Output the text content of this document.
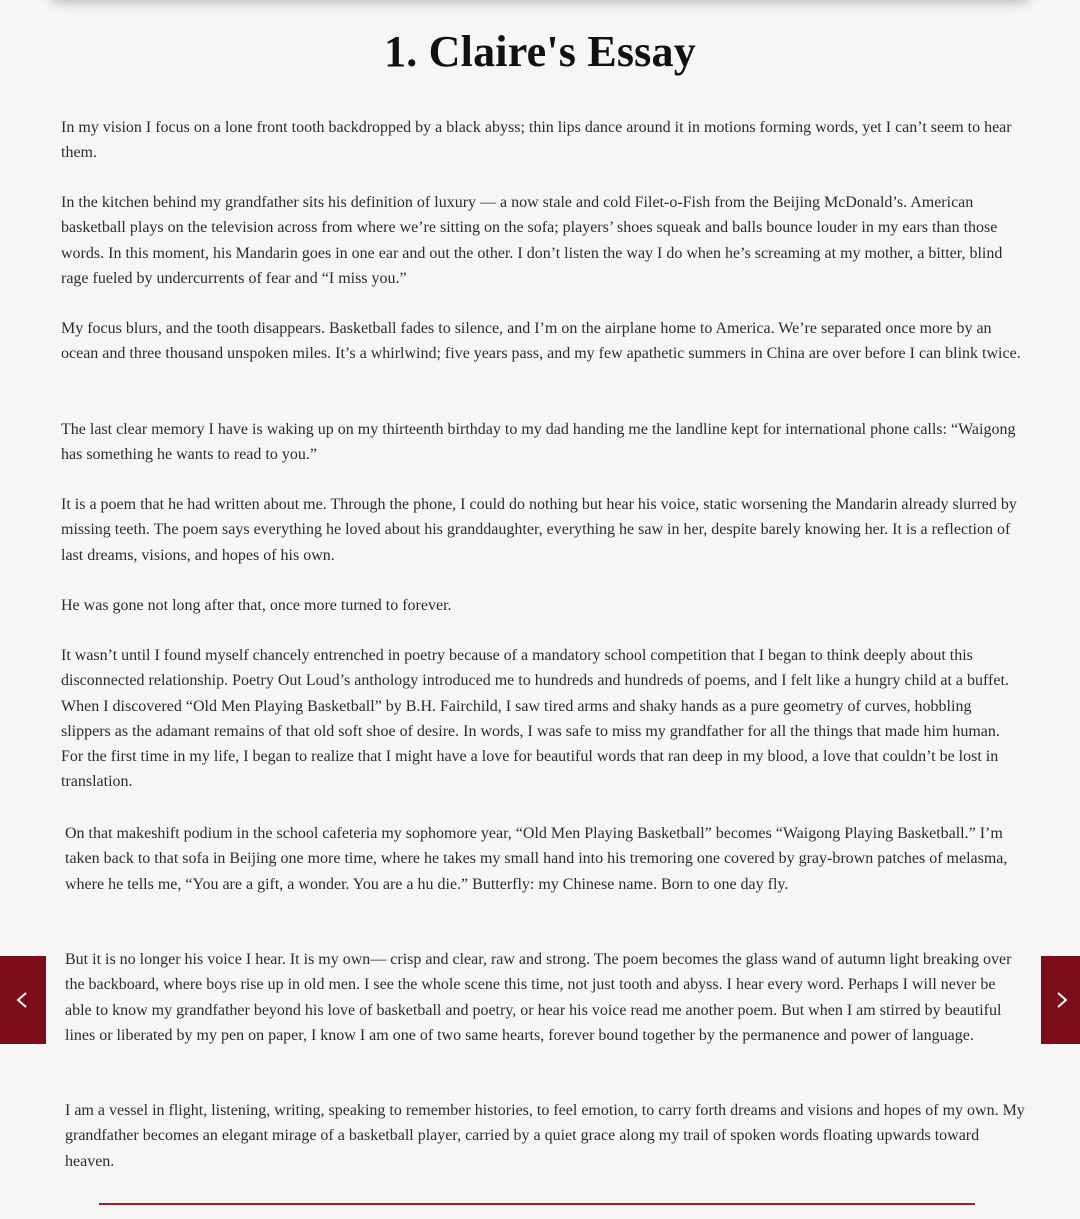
1. Claire's Essay

In my vision I focus on a lone front tooth backdropped by a black abyss; thin lips dance around it in motions forming words, yet I can’t seem to hear them.

In the kitchen behind my grandfather sits his definition of luxury — a now stale and cold Filet-o-Fish from the Beijing McDonald’s. American basketball plays on the television across from where we’re sitting on the sofa; players’ shoes squeak and balls bounce louder in my ears than those words. In this moment, his Mandarin goes in one ear and out the other. I don’t listen the way I do when he’s screaming at my mother, a bitter, blind rage fueled by undercurrents of fear and “I miss you.”

My focus blurs, and the tooth disappears. Basketball fades to silence, and I’m on the airplane home to America. We’re separated once more by an ocean and three thousand unspoken miles. It’s a whirlwind; five years pass, and my few apathetic summers in China are over before I can blink twice.

The last clear memory I have is waking up on my thirteenth birthday to my dad handing me the landline kept for international phone calls: “Waigong has something he wants to read to you.”

It is a poem that he had written about me. Through the phone, I could do nothing but hear his voice, static worsening the Mandarin already slurred by missing teeth. The poem says everything he loved about his granddaughter, everything he saw in her, despite barely knowing her. It is a reflection of last dreams, visions, and hopes of his own.

He was gone not long after that, once more turned to forever.

It wasn’t until I found myself chancely entrenched in poetry because of a mandatory school competition that I began to think deeply about this disconnected relationship. Poetry Out Loud’s anthology introduced me to hundreds and hundreds of poems, and I felt like a hungry child at a buffet. When I discovered “Old Men Playing Basketball” by B.H. Fairchild, I saw tired arms and shaky hands as a pure geometry of curves, hobbling slippers as the adamant remains of that old soft shoe of desire. In words, I was safe to miss my grandfather for all the things that made him human. For the first time in my life, I began to realize that I might have a love for beautiful words that ran deep in my blood, a love that couldn’t be lost in translation.

On that makeshift podium in the school cafeteria my sophomore year, “Old Men Playing Basketball” becomes “Waigong Playing Basketball.” I’m taken back to that sofa in Beijing one more time, where he takes my small hand into his tremoring one covered by gray-brown patches of melasma, where he tells me, “You are a gift, a wonder. You are a hu die.” Butterfly: my Chinese name. Born to one day fly.

But it is no longer his voice I hear. It is my own— crisp and clear, raw and strong. The poem becomes the glass wand of autumn light breaking over the backboard, where boys rise up in old men. I see the whole scene this time, not just tooth and abyss. I hear every word. Perhaps I will never be able to know my grandfather beyond his love of basketball and poetry, or hear his voice read me another poem. But when I am stirred by beautiful lines or liberated by my pen on paper, I know I am one of two same hearts, forever bound together by the permanence and power of language.

I am a vessel in flight, listening, writing, speaking to remember histories, to feel emotion, to carry forth dreams and visions and hopes of my own. My grandfather becomes an elegant mirage of a basketball player, carried by a quiet grace along my trail of spoken words floating upwards toward heaven.
